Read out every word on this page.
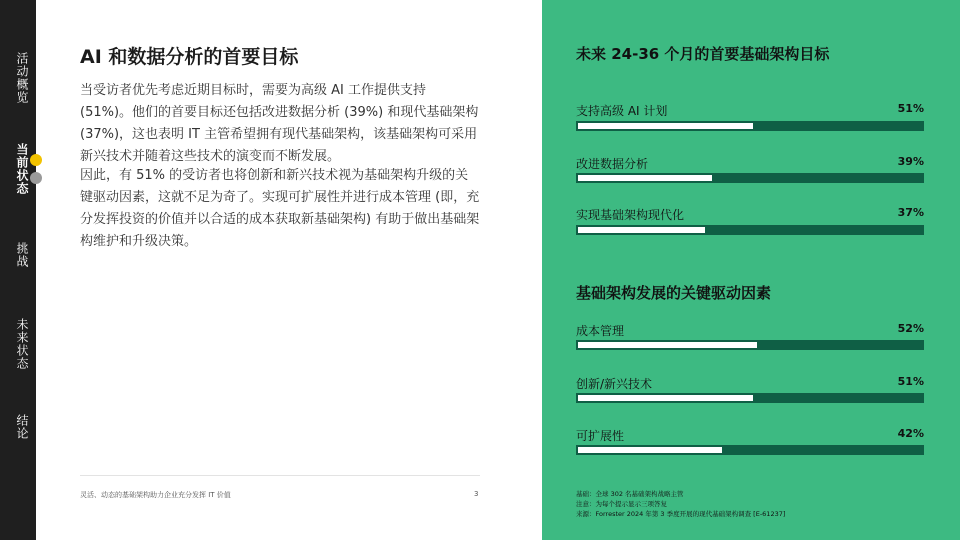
活动概览
当前状态
挑战
未来状态
结论
AI 和数据分析的首要目标

当受访者优先考虑近期目标时，需要为高级 AI 工作提供支持 (51%)。他们的首要目标还包括改进数据分析 (39%) 和现代基础架构 (37%)，这也表明 IT 主管希望拥有现代基础架构，该基础架构可采用新兴技术并随着这些技术的演变而不断发展。

因此，有 51% 的受访者也将创新和新兴技术视为基础架构升级的关键驱动因素，这就不足为奇了。实现可扩展性并进行成本管理 (即，充分发挥投资的价值并以合适的成本获取新基础架构) 有助于做出基础架构维护和升级决策。

灵活、动态的基础架构助力企业充分发挥 IT 价值	3
未来 24-36 个月的首要基础架构目标
支持高级 AI 计划	51%
改进数据分析	39%
实现基础架构现代化	37%
基础架构发展的关键驱动因素
成本管理	52%
创新/新兴技术	51%
可扩展性	42%
基础：全球 302 名基础架构战略主管
注意：为每个提示显示三项答复
来源：Forrester 2024 年第 3 季度开展的现代基础架构调查 [E-61237]
